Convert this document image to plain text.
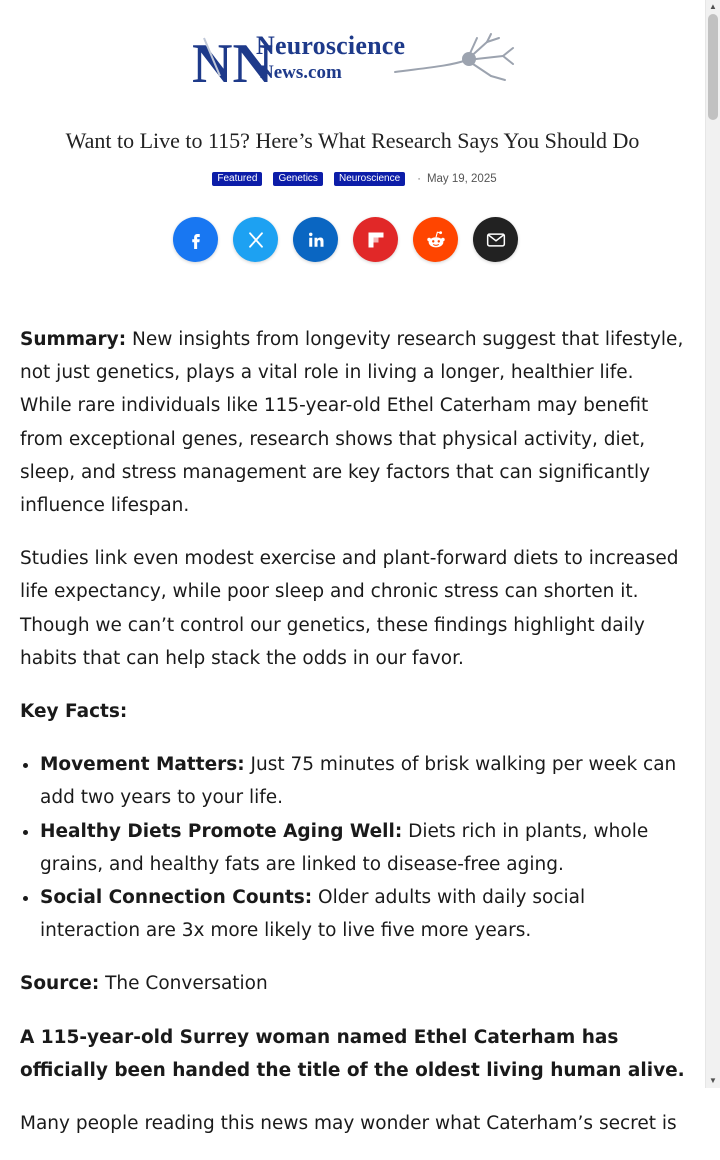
NN
Neuroscience
News.com
Want to Live to 115? Here’s What Research Says You Should Do
Featured Genetics Neuroscience · May 19, 2025

Summary: New insights from longevity research suggest that lifestyle, not just genetics, plays a vital role in living a longer, healthier life. While rare individuals like 115-year-old Ethel Caterham may benefit from exceptional genes, research shows that physical activity, diet, sleep, and stress management are key factors that can significantly influence lifespan.

Studies link even modest exercise and plant-forward diets to increased life expectancy, while poor sleep and chronic stress can shorten it. Though we can’t control our genetics, these findings highlight daily habits that can help stack the odds in our favor.

Key Facts:

• Movement Matters: Just 75 minutes of brisk walking per week can add two years to your life.
• Healthy Diets Promote Aging Well: Diets rich in plants, whole grains, and healthy fats are linked to disease-free aging.
• Social Connection Counts: Older adults with daily social interaction are 3x more likely to live five more years.

Source: The Conversation

A 115-year-old Surrey woman named Ethel Caterham has officially been handed the title of the oldest living human alive.

Many people reading this news may wonder what Caterham’s secret is

▲
▼
